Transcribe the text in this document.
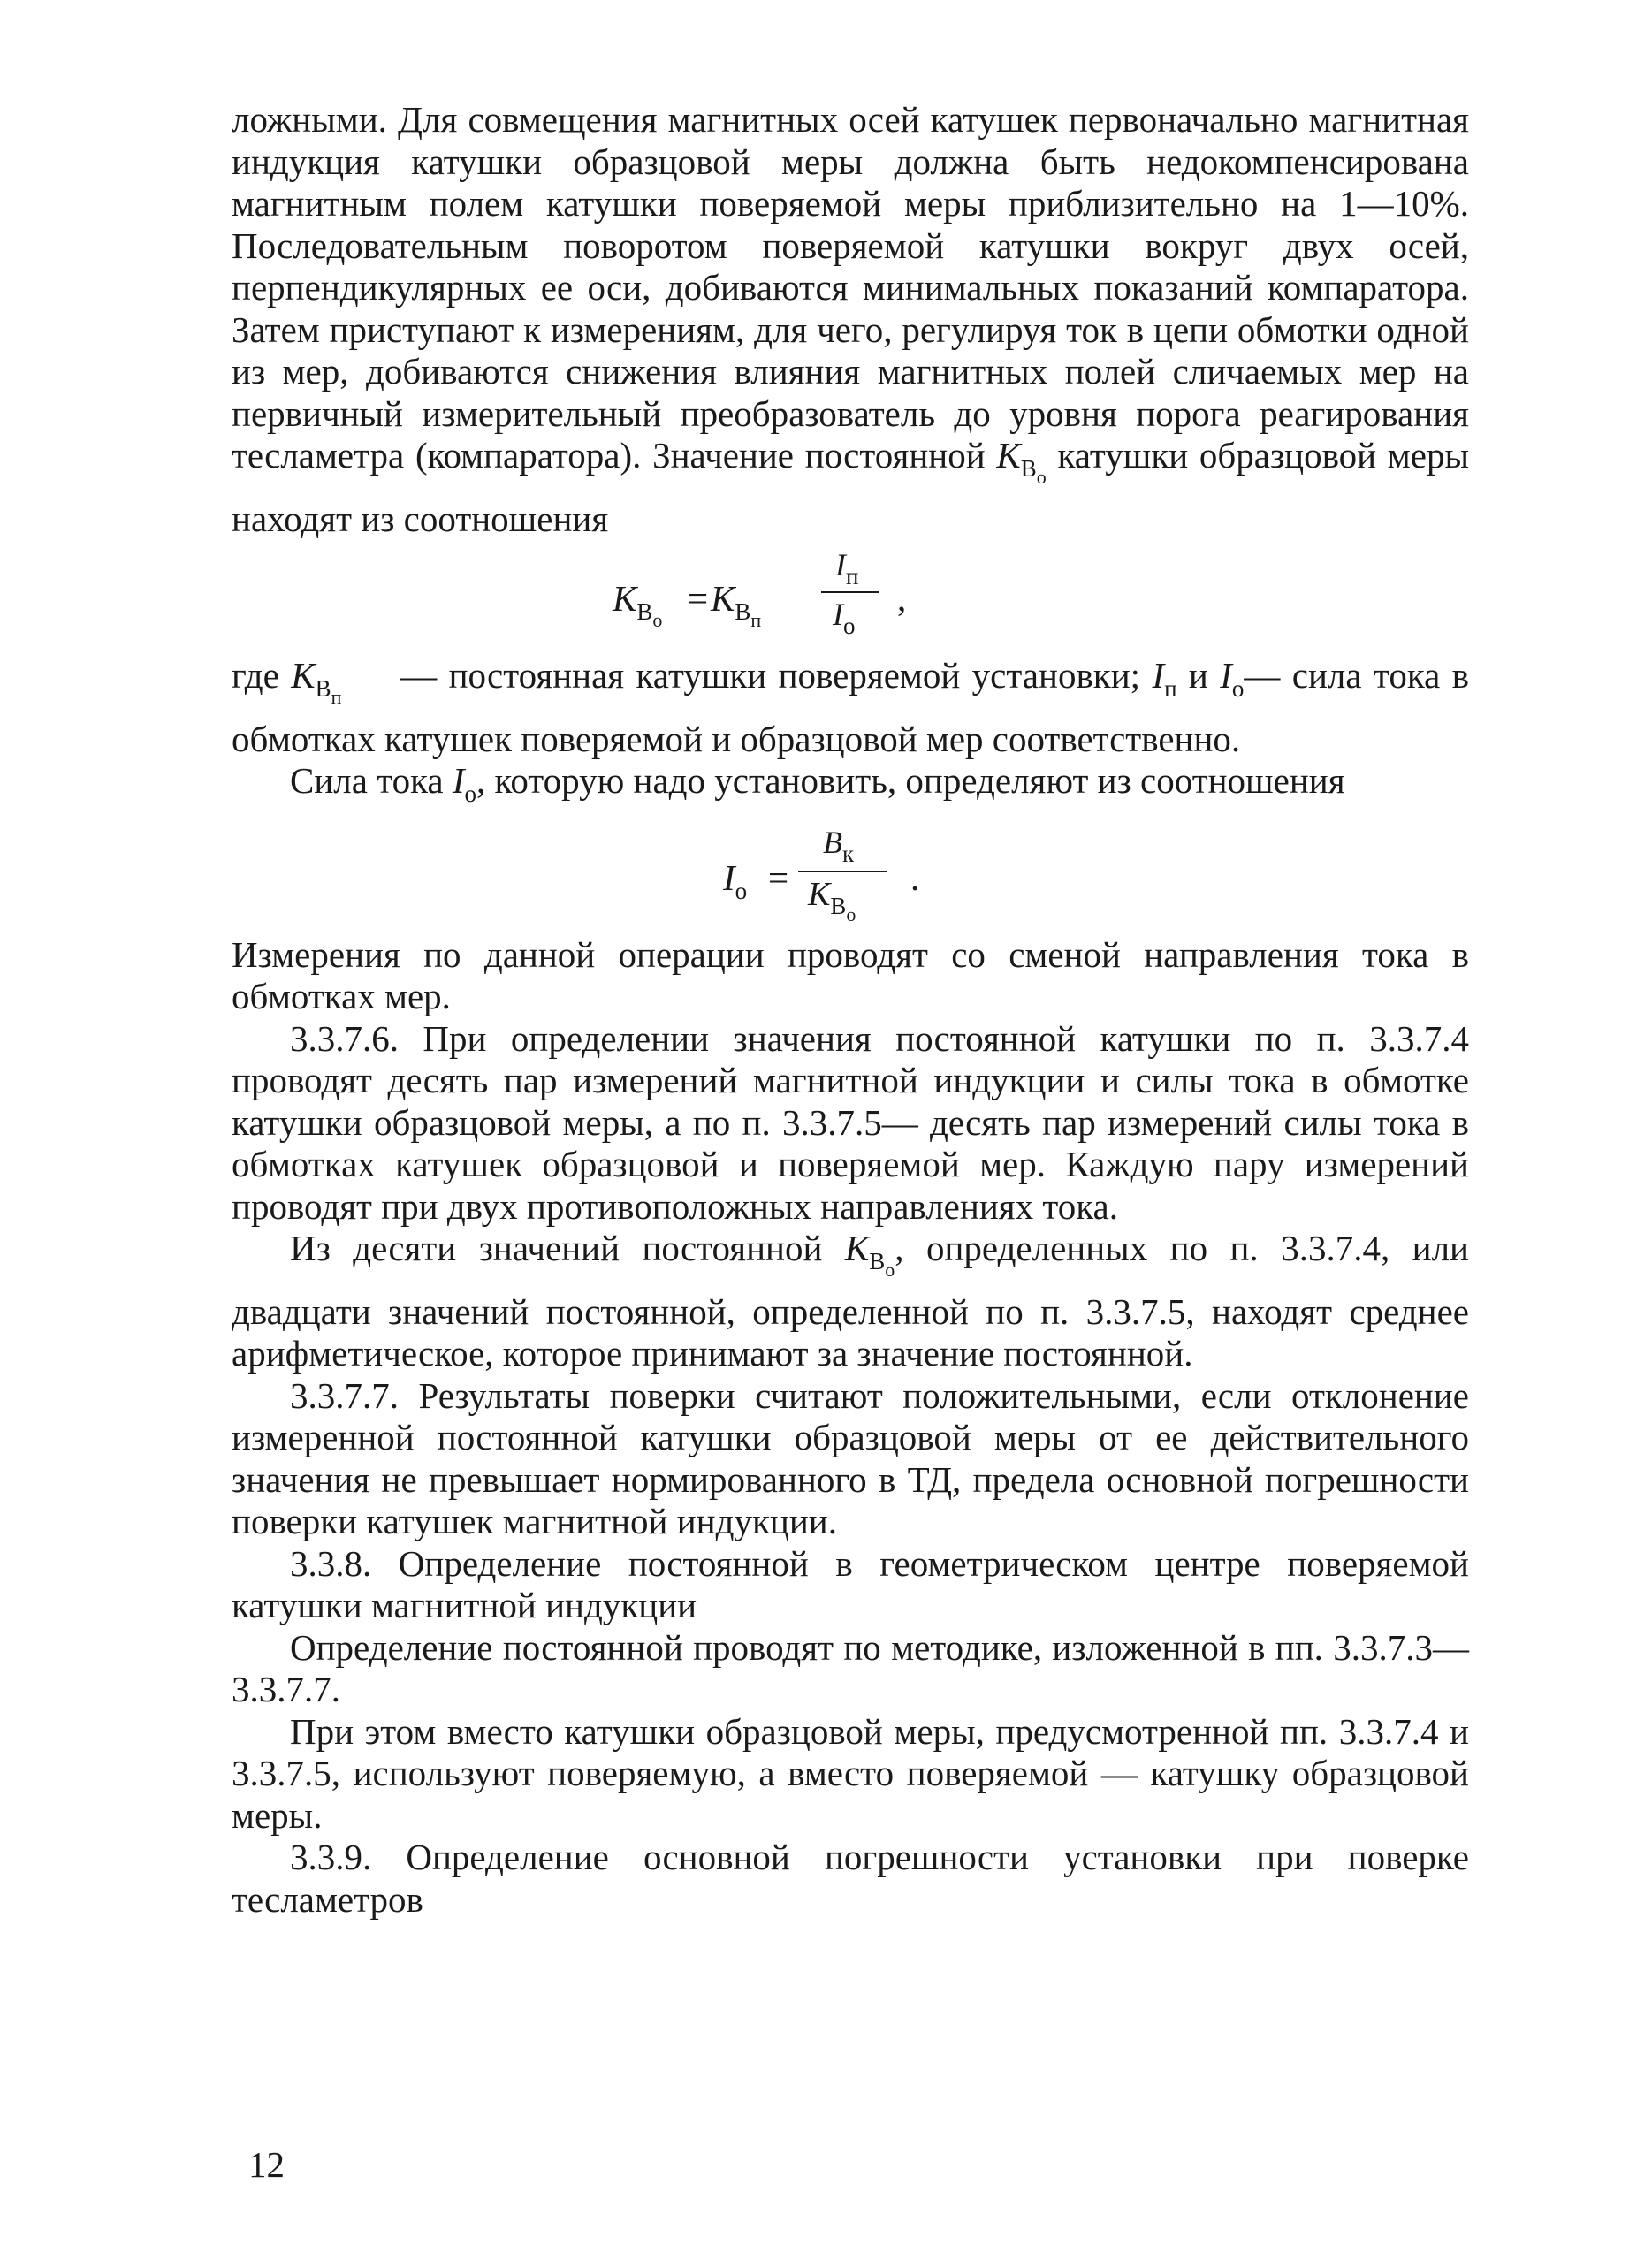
ложными. Для совмещения магнитных осей катушек первоначально магнитная индукция катушки образцовой меры должна быть недокомпенсирована магнитным полем катушки поверяемой меры приблизительно на 1—10%. Последовательным поворотом поверяемой катушки вокруг двух осей, перпендикулярных ее оси, добиваются минимальных показаний компаратора. Затем приступают к измерениям, для чего, регулируя ток в цепи обмотки одной из мер, добиваются снижения влияния магнитных полей сличаемых мер на первичный измерительный преобразователь до уровня порога реагирования тесламетра (компаратора). Значение постоянной $K_{B_о}$ катушки образцовой меры находят из соотношения

$K_{B_о}$
= $K_{B_п}$
$I_п$
$I_о$
,

где $K_{B_п}$     — постоянная катушки поверяемой установки; $I_п$ и $I_о—$ сила тока в обмотках катушек поверяемой и образцовой мер соответственно.

Сила тока $I_о$, которую надо установить, определяют из соотношения

$I_о$ =
$B_к$
$K_{B_о}$
.

Измерения по данной операции проводят со сменой направления тока в обмотках мер.

3.3.7.6. При определении значения постоянной катушки по п. 3.3.7.4 проводят десять пар измерений магнитной индукции и силы тока в обмотке катушки образцовой меры, а по п. 3.3.7.5— десять пар измерений силы тока в обмотках катушек образцовой и поверяемой мер. Каждую пару измерений проводят при двух противоположных направлениях тока.

Из десяти значений постоянной $K_{B_о}$, определенных по п. 3.3.7.4, или двадцати значений постоянной, определенной по п. 3.3.7.5, находят среднее арифметическое, которое принимают за значение постоянной.

3.3.7.7. Результаты поверки считают положительными, если отклонение измеренной постоянной катушки образцовой меры от ее действительного значения не превышает нормированного в ТД, предела основной погрешности поверки катушек магнитной индукции.

3.3.8. Определение постоянной в геометрическом центре поверяемой катушки магнитной индукции

Определение постоянной проводят по методике, изложенной в пп. 3.3.7.3—3.3.7.7.

При этом вместо катушки образцовой меры, предусмотренной пп. 3.3.7.4 и 3.3.7.5, используют поверяемую, а вместо поверяемой — катушку образцовой меры.

3.3.9. Определение основной погрешности установки при поверке тесламетров

12
